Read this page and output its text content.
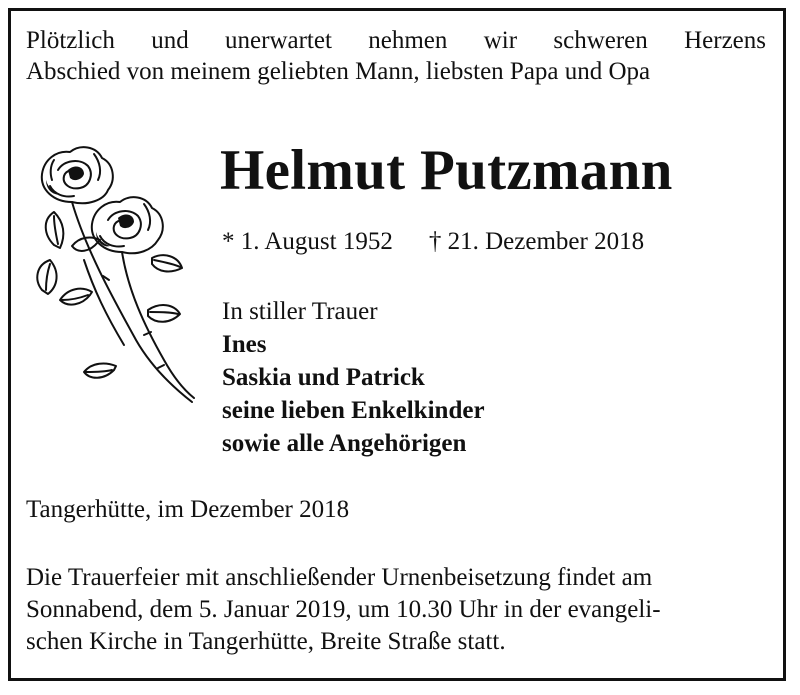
Plötzlich und unerwartet nehmen wir schweren Herzens
Abschied von meinem geliebten Mann, liebsten Papa und Opa
Helmut Putzmann
* 1. August 1952 † 21. Dezember 2018
In stiller Trauer
Ines
Saskia und Patrick
seine lieben Enkelkinder
sowie alle Angehörigen
Tangerhütte, im Dezember 2018
Die Trauerfeier mit anschließender Urnenbeisetzung findet am
Sonnabend, dem 5. Januar 2019, um 10.30 Uhr in der evangeli-
schen Kirche in Tangerhütte, Breite Straße statt.
